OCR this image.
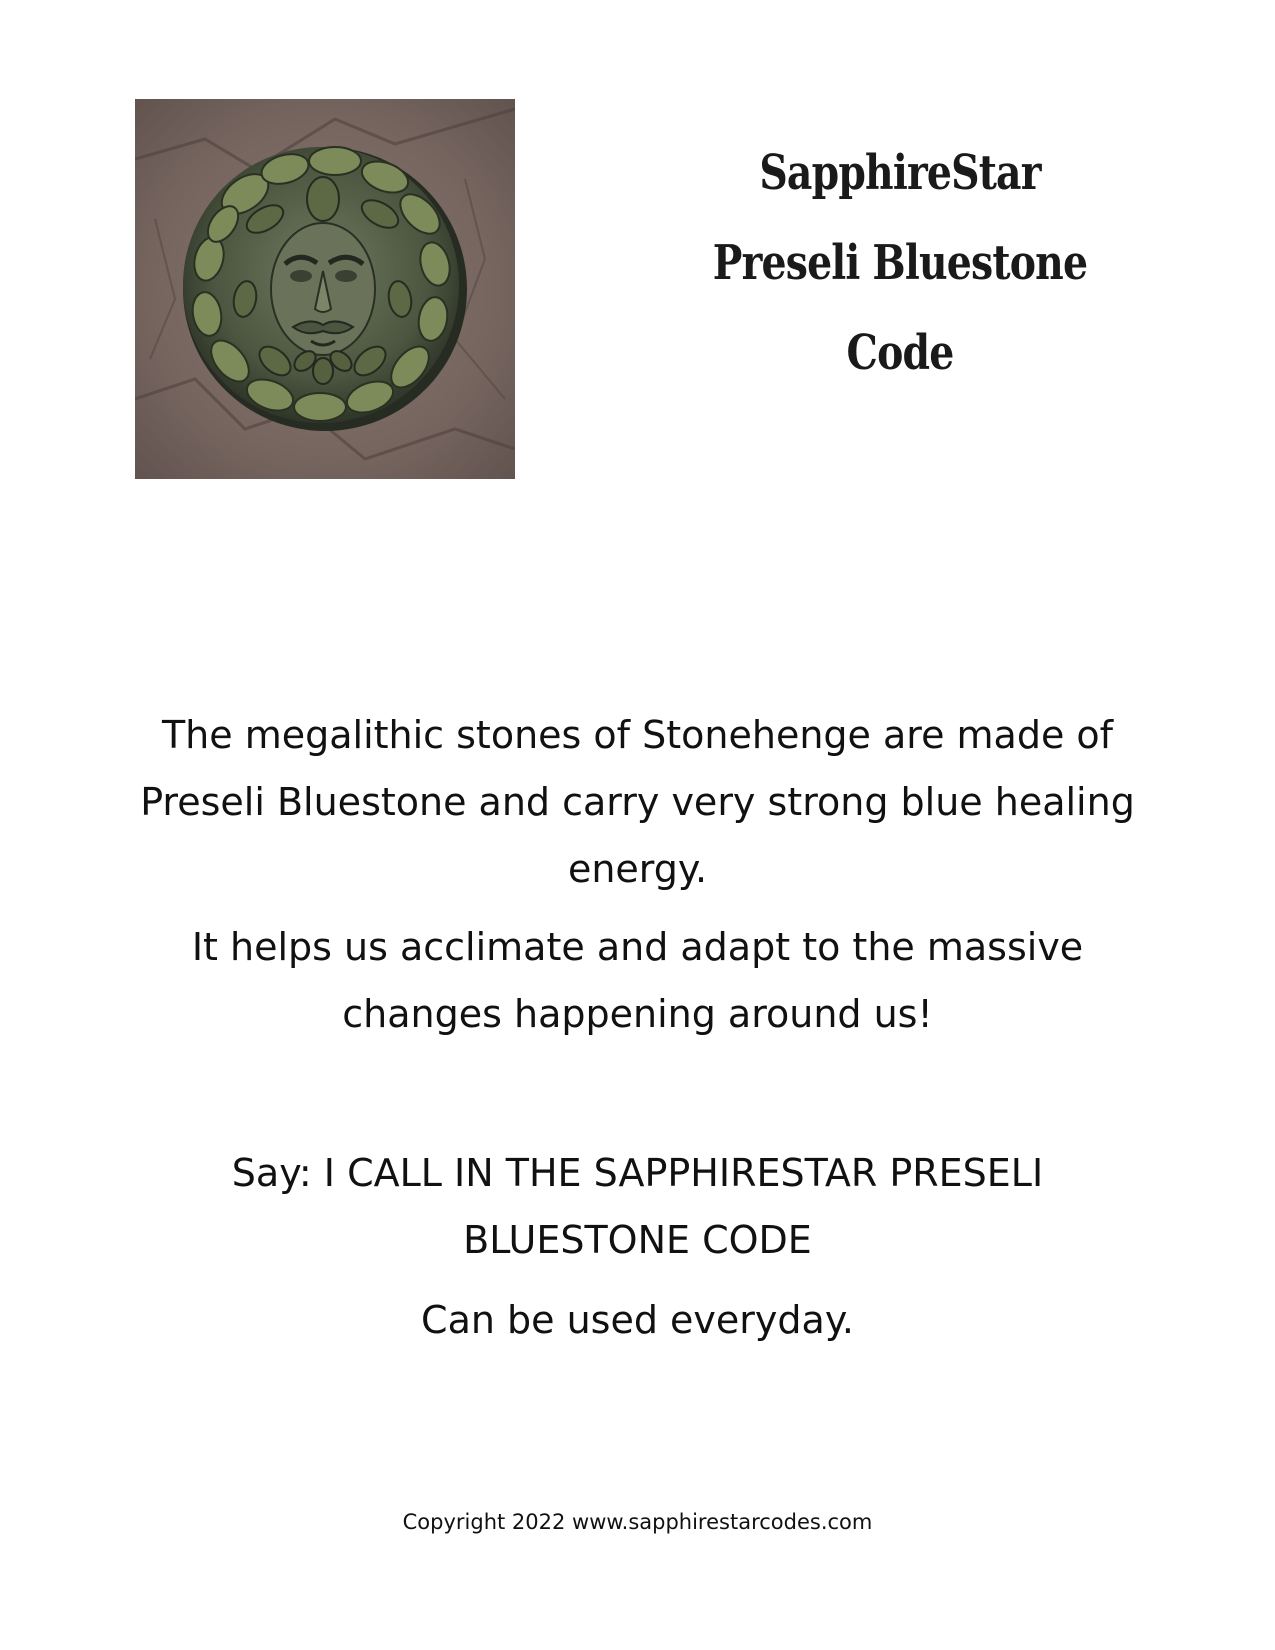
SapphireStar
Preseli Bluestone
Code
The megalithic stones of Stonehenge are made of
Preseli Bluestone and carry very strong blue healing
energy.
It helps us acclimate and adapt to the massive
changes happening around us!
Say: I CALL IN THE SAPPHIRESTAR PRESELI
BLUESTONE CODE
Can be used everyday.
Copyright 2022 www.sapphirestarcodes.com
